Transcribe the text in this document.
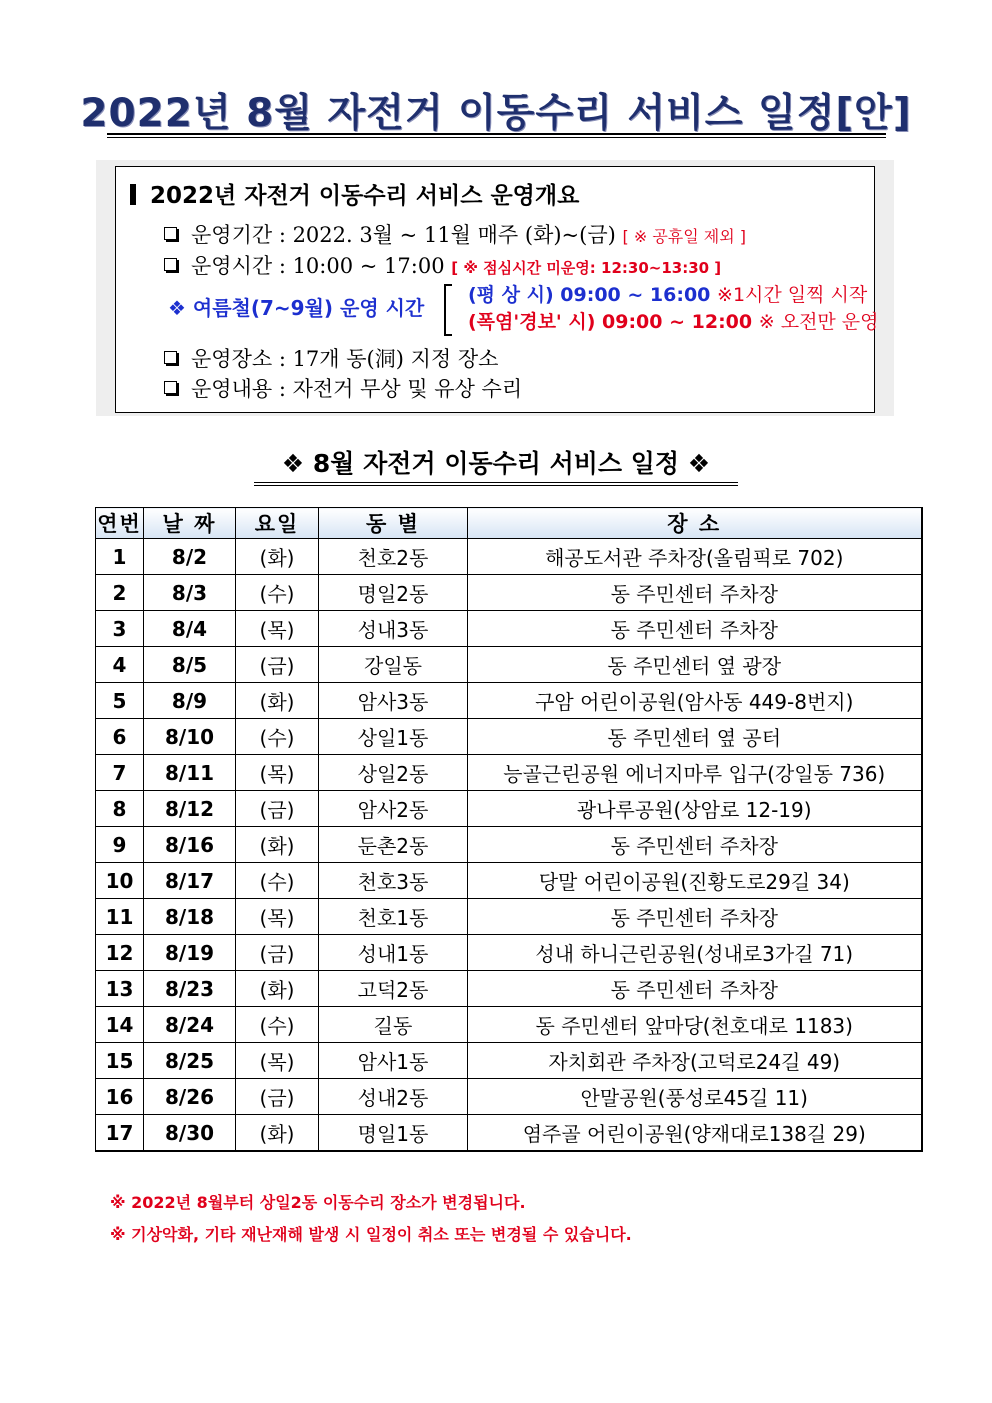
2022년 8월 자전거 이동수리 서비스 일정[안]
2022년 자전거 이동수리 서비스 운영개요
운영기간 : 2022. 3월 ~ 11월 매주 (화)~(금) [ ※ 공휴일 제외 ]
운영시간 : 10:00 ~ 17:00 [ ※ 점심시간 미운영: 12:30~13:30 ]
❖ 여름철(7~9월) 운영 시간
(평 상 시) 09:00 ~ 16:00 ※1시간 일찍 시작
(폭염'경보' 시) 09:00 ~ 12:00 ※ 오전만 운영
운영장소 : 17개 동(洞) 지정 장소
운영내용 : 자전거 무상 및 유상 수리
❖ 8월 자전거 이동수리 서비스 일정 ❖
연번	날 짜	요일	동 별	장 소
1	8/2	(화)	천호2동	해공도서관 주차장(올림픽로 702)
2	8/3	(수)	명일2동	동 주민센터 주차장
3	8/4	(목)	성내3동	동 주민센터 주차장
4	8/5	(금)	강일동	동 주민센터 옆 광장
5	8/9	(화)	암사3동	구암 어린이공원(암사동 449-8번지)
6	8/10	(수)	상일1동	동 주민센터 옆 공터
7	8/11	(목)	상일2동	능골근린공원 에너지마루 입구(강일동 736)
8	8/12	(금)	암사2동	광나루공원(상암로 12-19)
9	8/16	(화)	둔촌2동	동 주민센터 주차장
10	8/17	(수)	천호3동	당말 어린이공원(진황도로29길 34)
11	8/18	(목)	천호1동	동 주민센터 주차장
12	8/19	(금)	성내1동	성내 하니근린공원(성내로3가길 71)
13	8/23	(화)	고덕2동	동 주민센터 주차장
14	8/24	(수)	길동	동 주민센터 앞마당(천호대로 1183)
15	8/25	(목)	암사1동	자치회관 주차장(고덕로24길 49)
16	8/26	(금)	성내2동	안말공원(풍성로45길 11)
17	8/30	(화)	명일1동	염주골 어린이공원(양재대로138길 29)
※ 2022년 8월부터 상일2동 이동수리 장소가 변경됩니다.
※ 기상악화, 기타 재난재해 발생 시 일정이 취소 또는 변경될 수 있습니다.
